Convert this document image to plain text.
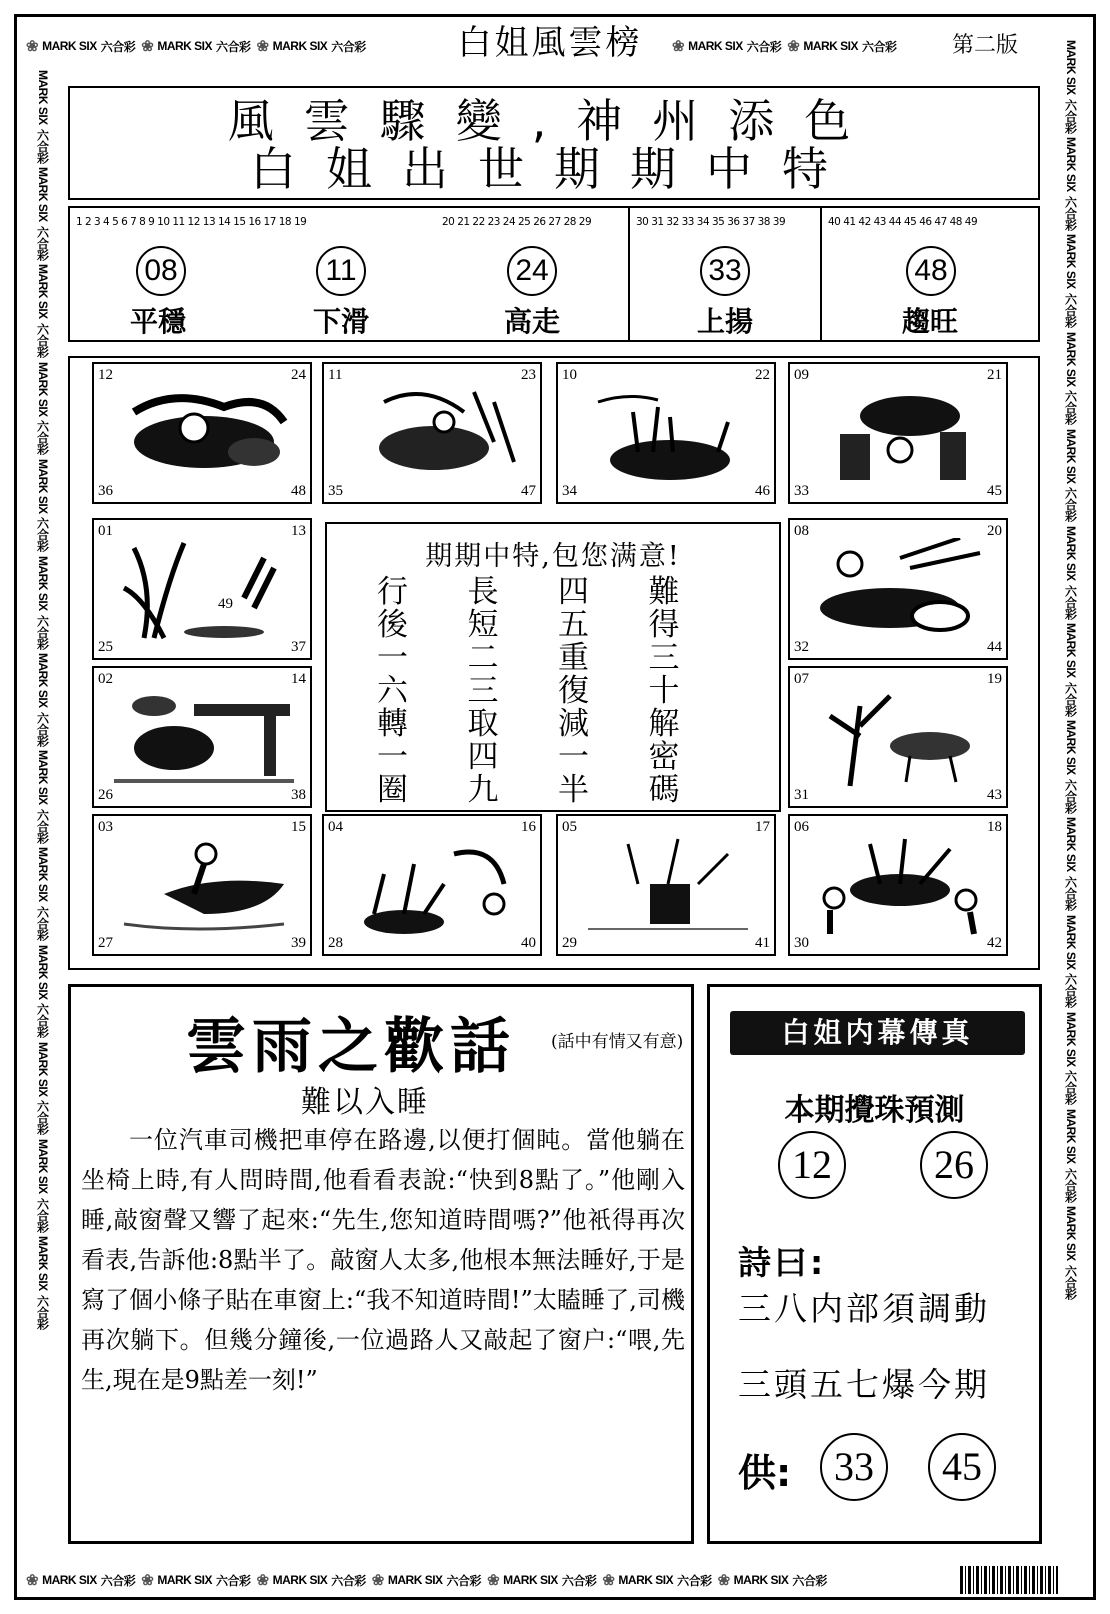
❀ MARK SIX 六合彩 ❀ MARK SIX 六合彩 ❀ MARK SIX 六合彩	白姐風雲榜	❀ MARK SIX 六合彩 ❀ MARK SIX 六合彩	第二版
MARK SIX
六合彩
MARK SIX
六合彩
MARK SIX
六合彩
MARK SIX
六合彩
MARK SIX
六合彩
MARK SIX
六合彩
MARK SIX
六合彩
MARK SIX
六合彩
MARK SIX
六合彩
MARK SIX
六合彩
MARK SIX
六合彩
MARK SIX
六合彩
MARK SIX
六合彩
MARK SIX
六合彩
MARK SIX
六合彩
MARK SIX
六合彩
MARK SIX
六合彩
MARK SIX
六合彩
MARK SIX
六合彩
MARK SIX
六合彩
MARK SIX
六合彩
MARK SIX
六合彩
MARK SIX
六合彩
MARK SIX
六合彩
MARK SIX
六合彩
MARK SIX
六合彩
❀ MARK SIX 六合彩 ❀ MARK SIX 六合彩 ❀ MARK SIX 六合彩 ❀ MARK SIX 六合彩 ❀ MARK SIX 六合彩 ❀ MARK SIX 六合彩 ❀ MARK SIX 六合彩
風雲驟變,神州添色
白姐出世期期中特
1 2 3 4 5 6 7 8 9 10 11 12 13 14 15 16 17 18 19
08
平穩
11
下滑
20 21 22 23 24 25 26 27 28 29
24
高走
30 31 32 33 34 35 36 37 38 39
33
上揚
40 41 42 43 44 45 46 47 48 49
48
趨旺
12	24
36	48
11	23
35	47
10	22
34	46
09	21
33	45
01	13
49
25	37
08	20
32	44
02	14
26	38
07	19
31	43
03	15
27	39
04	16
28	40
05	17
29	41
06	18
30	42
期期中特,包您满意!
行	長	四	難
後	短	五	得
一	二	重	三
六	三	復	十
轉	取	減	解
一	四	一	密
圈	九	半	碼
雲雨之歡話 (話中有情又有意)
難以入睡
一位汽車司機把車停在路邊,以便打個盹。當他躺在坐椅上時,有人問時間,他看看表說:“快到8點了。”他剛入睡,敲窗聲又響了起來:“先生,您知道時間嗎?”他衹得再次看表,告訴他:8點半了。敲窗人太多,他根本無法睡好,于是寫了個小條子貼在車窗上:“我不知道時間!”太瞌睡了,司機再次躺下。但幾分鐘後,一位過路人又敲起了窗户:“喂,先生,現在是9點差一刻!”
白姐内幕傳真
本期攪珠預測
12	26
詩曰:
三八内部須調動
三頭五七爆今期
供:	33	45
